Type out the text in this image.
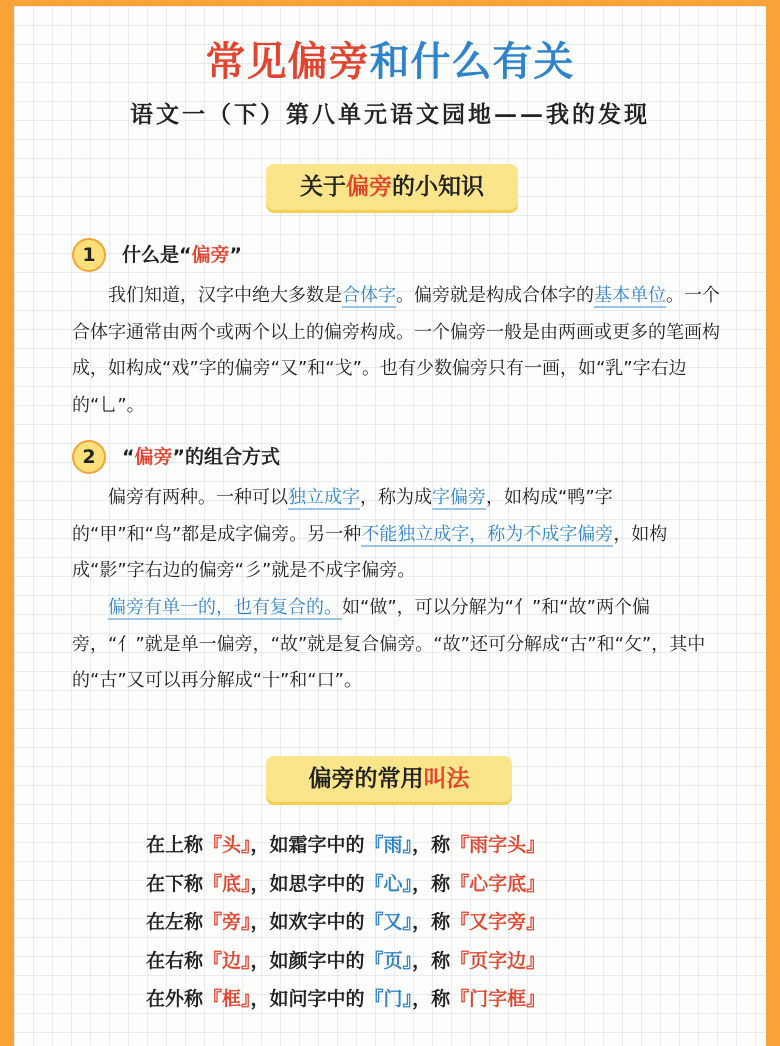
常见偏旁和什么有关
语文一（下）第八单元语文园地——我的发现
关于偏旁的小知识
1	什么是“偏旁”

我们知道，汉字中绝大多数是合体字。偏旁就是构成合体字的基本单位。一个合体字通常由两个或两个以上的偏旁构成。一个偏旁一般是由两画或更多的笔画构成，如构成“戏”字的偏旁“又”和“戈”。也有少数偏旁只有一画，如“乳”字右边的“乚”。

2	“偏旁”的组合方式

偏旁有两种。一种可以独立成字，称为成字偏旁，如构成“鸭”字的“甲”和“鸟”都是成字偏旁。另一种不能独立成字，称为不成字偏旁，如构成“影”字右边的偏旁“彡”就是不成字偏旁。

偏旁有单一的，也有复合的。如“做”，可以分解为“亻”和“故”两个偏旁，“亻”就是单一偏旁，“故”就是复合偏旁。“故”还可分解成“古”和“攵”，其中的“古”又可以再分解成“十”和“口”。

偏旁的常用叫法
在上称『头』，如霜字中的『雨』，称『雨字头』
在下称『底』，如思字中的『心』，称『心字底』
在左称『旁』，如欢字中的『又』，称『又字旁』
在右称『边』，如颜字中的『页』，称『页字边』
在外称『框』，如问字中的『门』，称『门字框』
